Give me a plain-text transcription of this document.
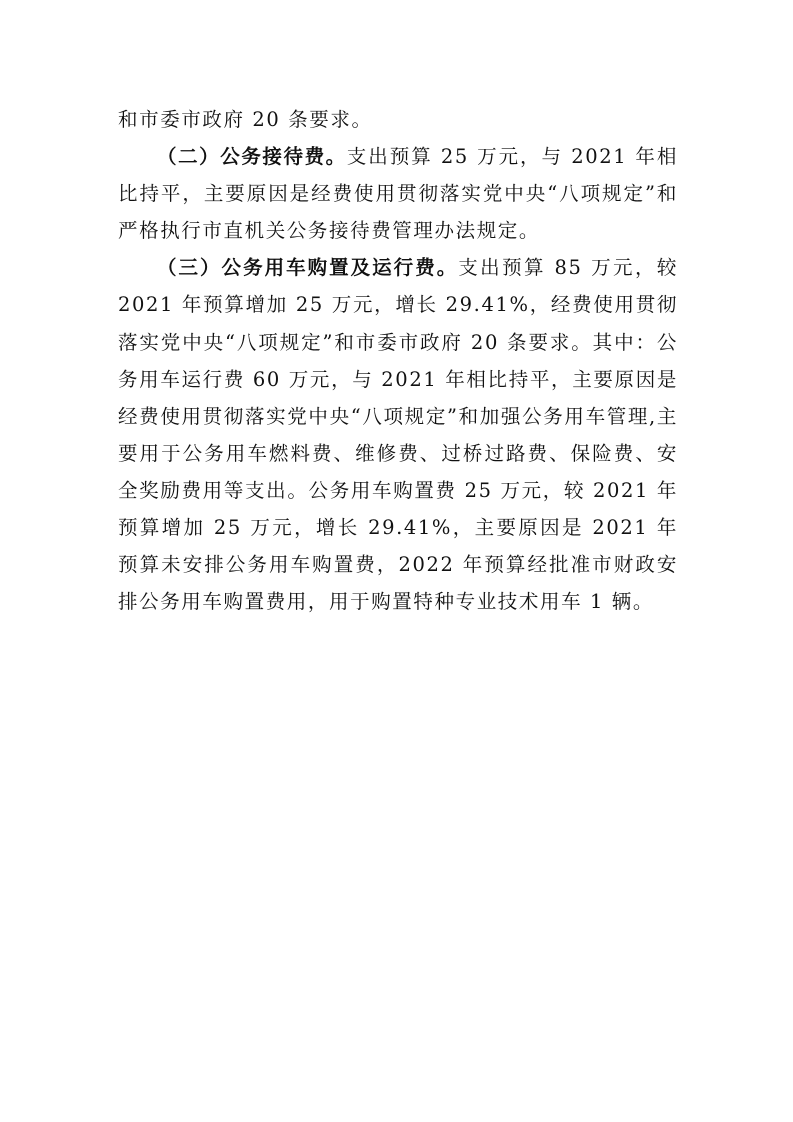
和市委市政府 20 条要求。

（二）公务接待费。支出预算 25 万元，与 2021 年相比持平，主要原因是经费使用贯彻落实党中央“八项规定”和严格执行市直机关公务接待费管理办法规定。

（三）公务用车购置及运行费。支出预算 85 万元，较 2021 年预算增加 25 万元，增长 29.41%，经费使用贯彻落实党中央“八项规定”和市委市政府 20 条要求。其中：公务用车运行费 60 万元，与 2021 年相比持平，主要原因是经费使用贯彻落实党中央“八项规定”和加强公务用车管理,主要用于公务用车燃料费、维修费、过桥过路费、保险费、安全奖励费用等支出。公务用车购置费 25 万元，较 2021 年预算增加 25 万元，增长 29.41%，主要原因是 2021 年预算未安排公务用车购置费，2022 年预算经批准市财政安排公务用车购置费用，用于购置特种专业技术用车 1 辆。
